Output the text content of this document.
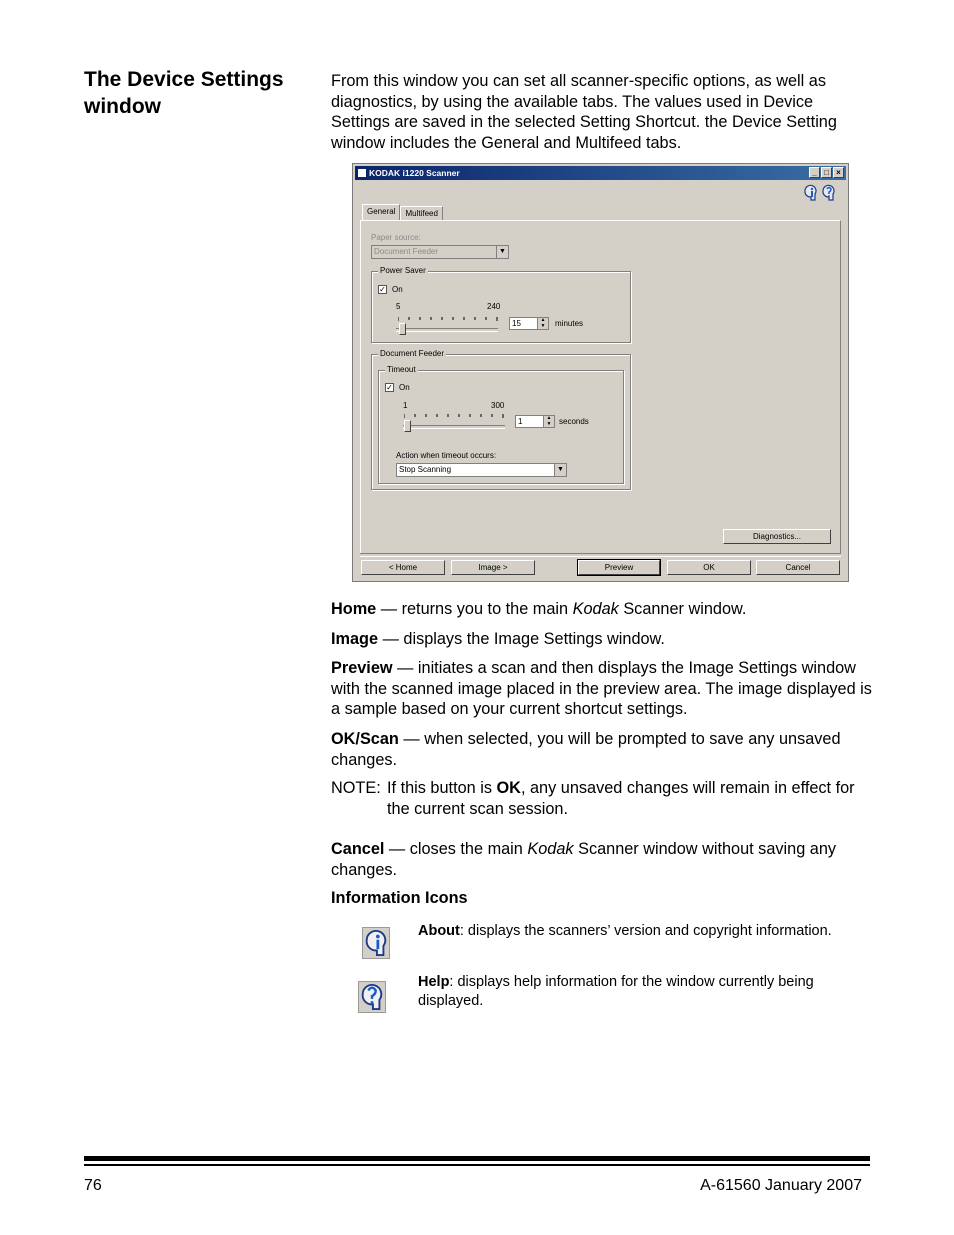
The Device Settings window
From this window you can set all scanner-specific options, as well as diagnostics, by using the available tabs. The values used in Device Settings are saved in the selected Setting Shortcut. the Device Setting window includes the General and Multifeed tabs.
KODAK i1220 Scanner	_ □ ×
General	Multifeed
Paper source:
Document Feeder	▼
Power Saver
✓ On
5	240
15	▲
▼	minutes
Document Feeder
Timeout
✓ On
1	300
1	▲
▼ seconds
Action when timeout occurs:
Stop Scanning	▼
Diagnostics...
< Home	Image >	Preview	OK	Cancel
Home — returns you to the main Kodak Scanner window.
Image — displays the Image Settings window.
Preview — initiates a scan and then displays the Image Settings window with the scanned image placed in the preview area. The image displayed is a sample based on your current shortcut settings.
OK/Scan — when selected, you will be prompted to save any unsaved changes.
NOTE: If this button is OK, any unsaved changes will remain in effect for the current scan session.
Cancel — closes the main Kodak Scanner window without saving any changes.
Information Icons
About: displays the scanners’ version and copyright information.
Help: displays help information for the window currently being displayed.
76	A-61560 January 2007
